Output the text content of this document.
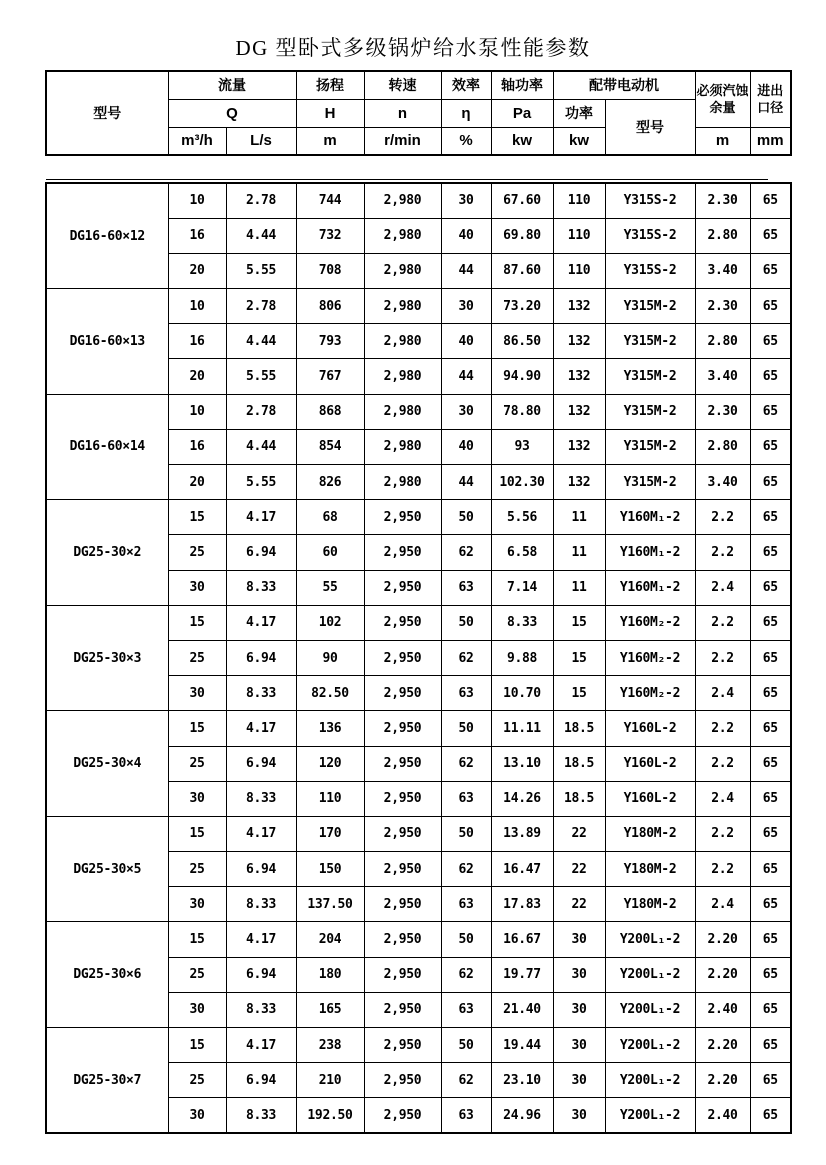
DG 型卧式多级锅炉给水泵性能参数
型号	流量		扬程	转速	效率	轴功率	配带电动机		必须汽蚀余量	进出口径
	Q		H	n	η	Pa	功率	型号		
	m³/h	L/s	m	r/min	%	kw	kw		m	mm
DG16-60×12	10	2.78	744	2,980	30	67.60	110	Y315S-2	2.30	65
	16	4.44	732	2,980	40	69.80	110	Y315S-2	2.80	65
	20	5.55	708	2,980	44	87.60	110	Y315S-2	3.40	65
DG16-60×13	10	2.78	806	2,980	30	73.20	132	Y315M-2	2.30	65
	16	4.44	793	2,980	40	86.50	132	Y315M-2	2.80	65
	20	5.55	767	2,980	44	94.90	132	Y315M-2	3.40	65
DG16-60×14	10	2.78	868	2,980	30	78.80	132	Y315M-2	2.30	65
	16	4.44	854	2,980	40	93	132	Y315M-2	2.80	65
	20	5.55	826	2,980	44	102.30	132	Y315M-2	3.40	65
DG25-30×2	15	4.17	68	2,950	50	5.56	11	Y160M₁-2	2.2	65
	25	6.94	60	2,950	62	6.58	11	Y160M₁-2	2.2	65
	30	8.33	55	2,950	63	7.14	11	Y160M₁-2	2.4	65
DG25-30×3	15	4.17	102	2,950	50	8.33	15	Y160M₂-2	2.2	65
	25	6.94	90	2,950	62	9.88	15	Y160M₂-2	2.2	65
	30	8.33	82.50	2,950	63	10.70	15	Y160M₂-2	2.4	65
DG25-30×4	15	4.17	136	2,950	50	11.11	18.5	Y160L-2	2.2	65
	25	6.94	120	2,950	62	13.10	18.5	Y160L-2	2.2	65
	30	8.33	110	2,950	63	14.26	18.5	Y160L-2	2.4	65
DG25-30×5	15	4.17	170	2,950	50	13.89	22	Y180M-2	2.2	65
	25	6.94	150	2,950	62	16.47	22	Y180M-2	2.2	65
	30	8.33	137.50	2,950	63	17.83	22	Y180M-2	2.4	65
DG25-30×6	15	4.17	204	2,950	50	16.67	30	Y200L₁-2	2.20	65
	25	6.94	180	2,950	62	19.77	30	Y200L₁-2	2.20	65
	30	8.33	165	2,950	63	21.40	30	Y200L₁-2	2.40	65
DG25-30×7	15	4.17	238	2,950	50	19.44	30	Y200L₁-2	2.20	65
	25	6.94	210	2,950	62	23.10	30	Y200L₁-2	2.20	65
	30	8.33	192.50	2,950	63	24.96	30	Y200L₁-2	2.40	65
